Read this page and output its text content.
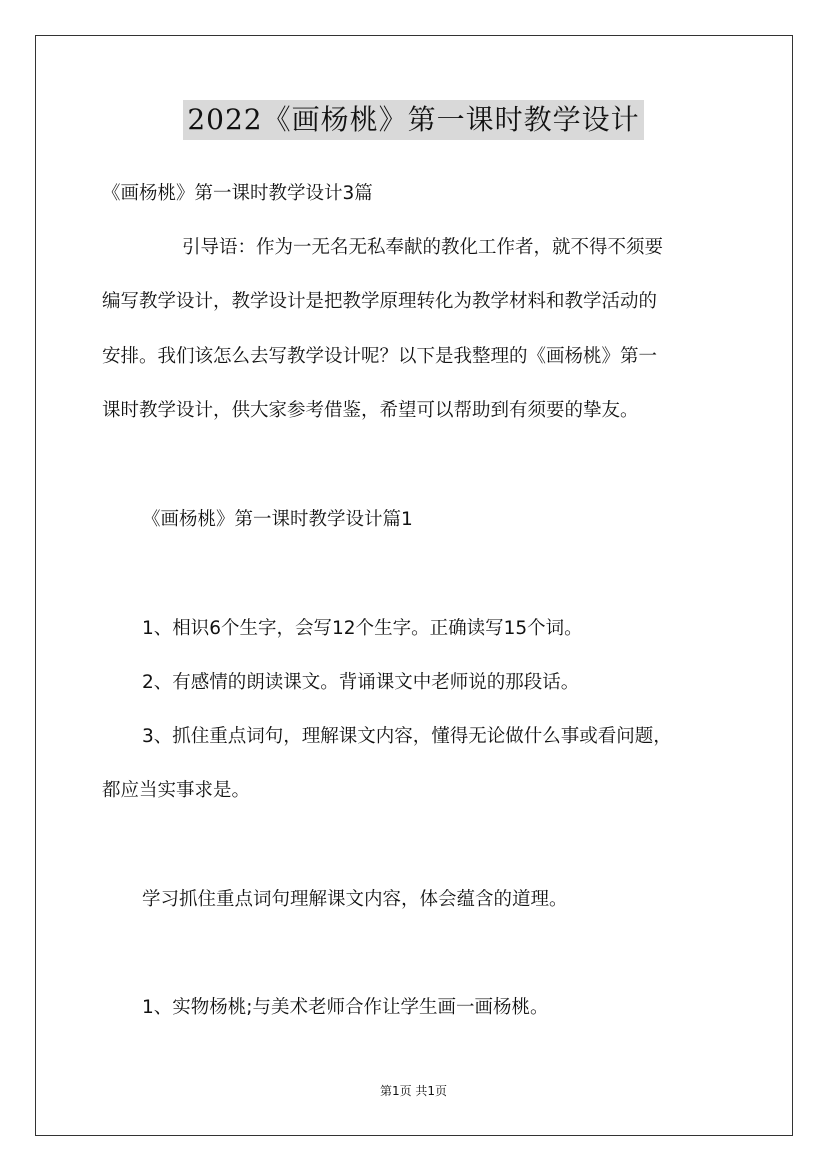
2022《画杨桃》第一课时教学设计
《画杨桃》第一课时教学设计3篇
引导语：作为一无名无私奉献的教化工作者，就不得不须要
编写教学设计，教学设计是把教学原理转化为教学材料和教学活动的
安排。我们该怎么去写教学设计呢？以下是我整理的《画杨桃》第一
课时教学设计，供大家参考借鉴，希望可以帮助到有须要的挚友。
《画杨桃》第一课时教学设计篇1
1、相识6个生字，会写12个生字。正确读写15个词。
2、有感情的朗读课文。背诵课文中老师说的那段话。
3、抓住重点词句，理解课文内容，懂得无论做什么事或看问题，
都应当实事求是。
学习抓住重点词句理解课文内容，体会蕴含的道理。
1、实物杨桃;与美术老师合作让学生画一画杨桃。
第1页 共1页
